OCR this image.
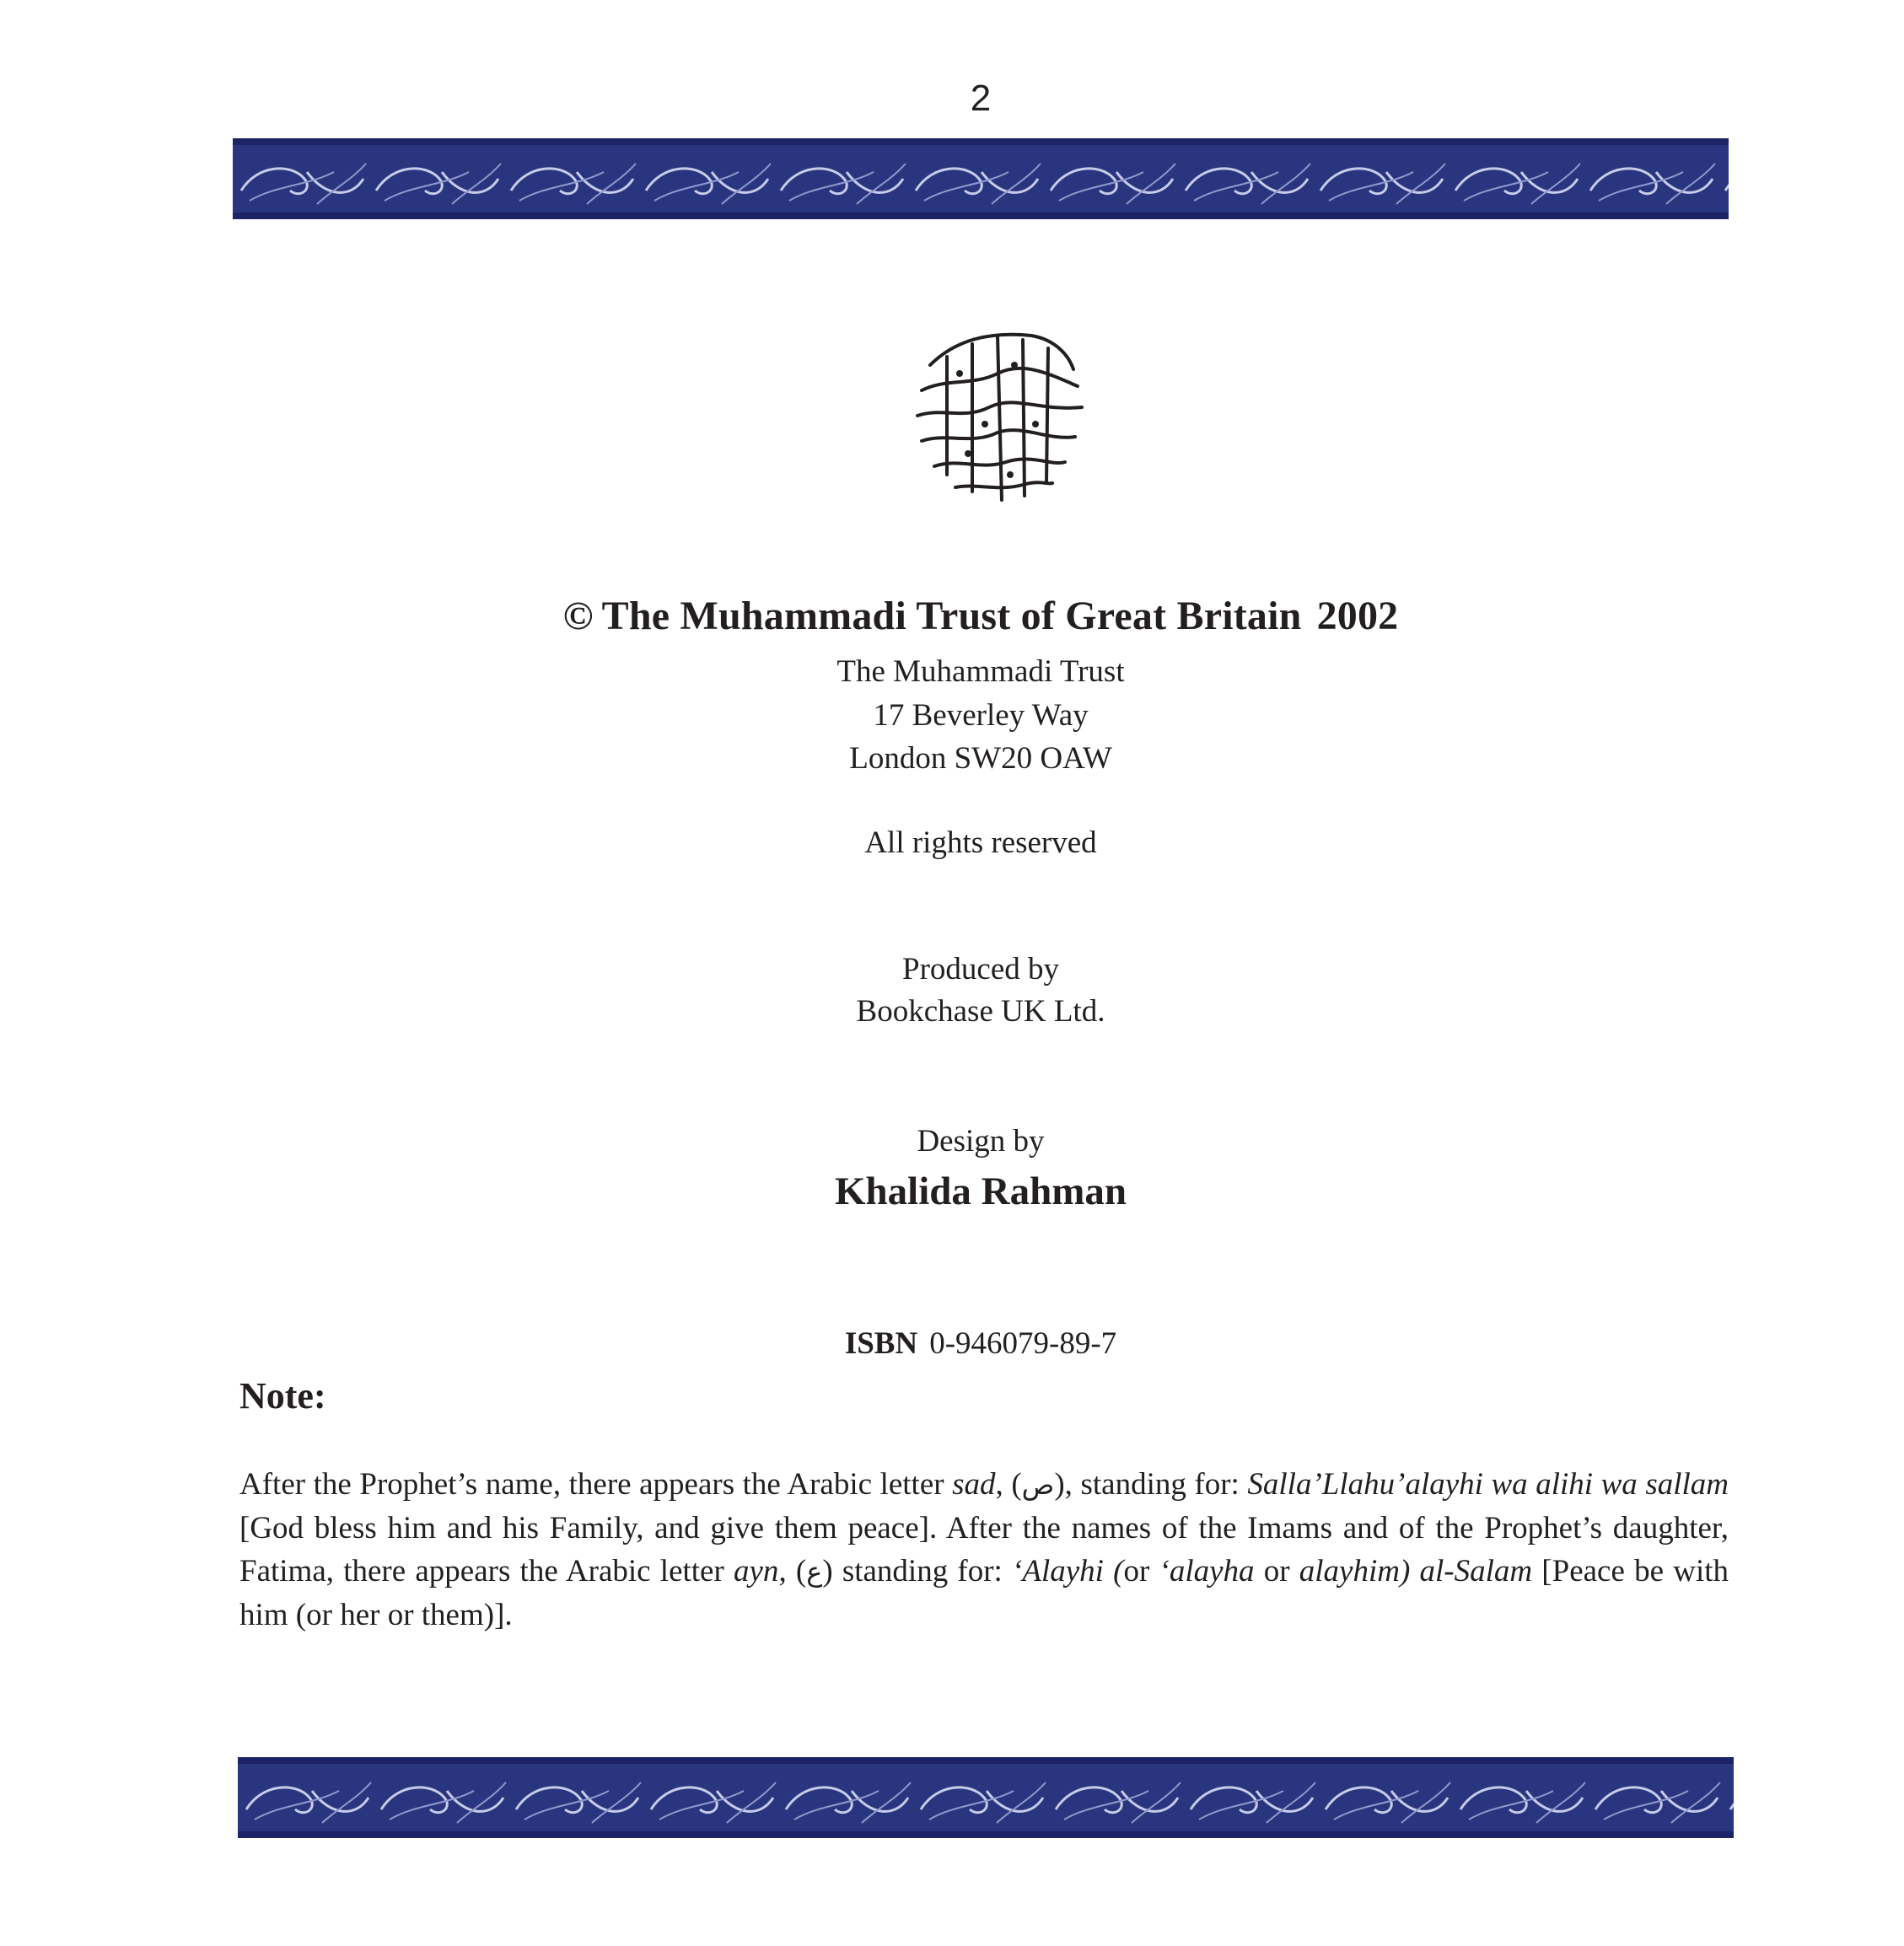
2
© The Muhammadi Trust of Great Britain 2002
The Muhammadi Trust
17 Beverley Way
London SW20 OAW
All rights reserved
Produced by
Bookchase UK Ltd.
Design by
Khalida Rahman
ISBN 0-946079-89-7
Note:
After the Prophet’s name, there appears the Arabic letter sad, (ص), standing for: Salla’Llahu’alayhi wa alihi wa sallam [God bless him and his Family, and give them peace]. After the names of the Imams and of the Prophet’s daughter, Fatima, there appears the Arabic letter ayn, (ع) standing for: ‘Alayhi (or ‘alayha or alayhim) al-Salam [Peace be with him (or her or them)].
